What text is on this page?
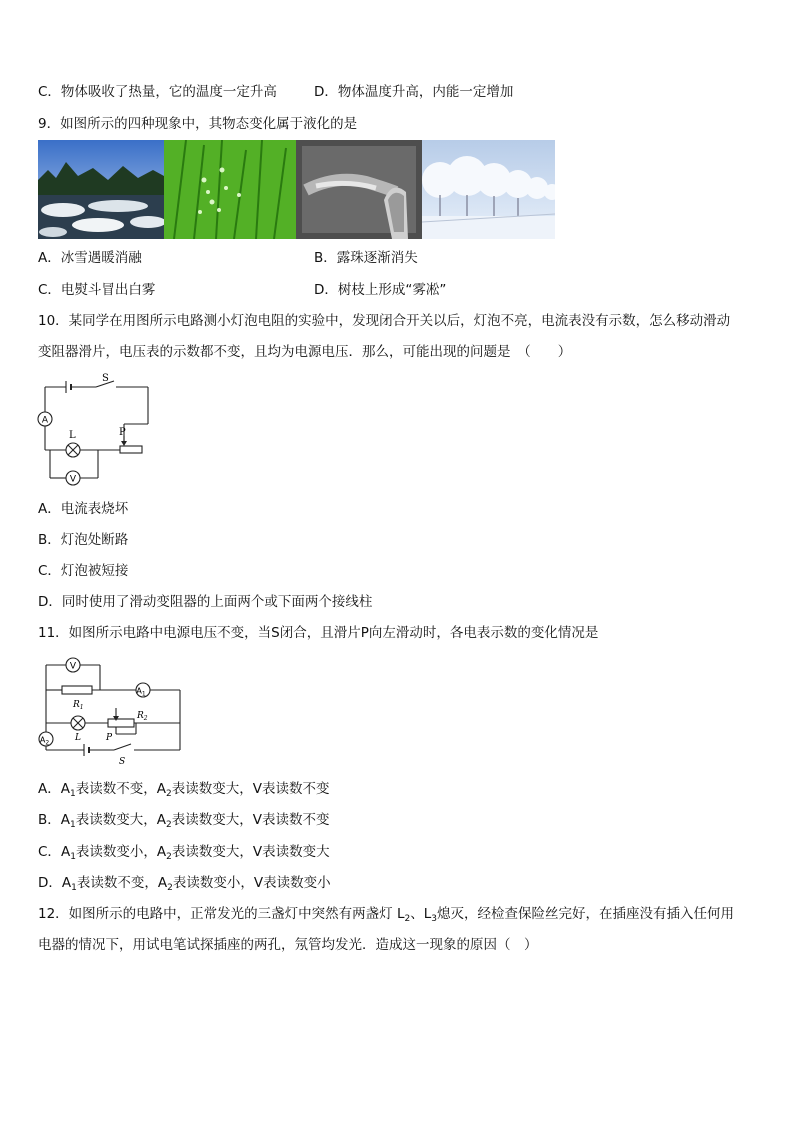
C．物体吸收了热量，它的温度一定升高	D．物体温度升高，内能一定增加
9．如图所示的四种现象中，其物态变化属于液化的是
A．冰雪遇暖消融	B．露珠逐渐消失
C．电熨斗冒出白雾	D．树枝上形成“雾凇”
10．某同学在用图所示电路测小灯泡电阻的实验中，发现闭合开关以后，灯泡不亮，电流表没有示数，怎么移动滑动
变阻器滑片，电压表的示数都不变，且均为电源电压．那么，可能出现的问题是　（　　）
A
V
S
L	P
A．电流表烧坏
B．灯泡处断路
C．灯泡被短接
D．同时使用了滑动变阻器的上面两个或下面两个接线柱
11．如图所示电路中电源电压不变，当S闭合，且滑片P向左滑动时，各电表示数的变化情况是
V
$A_1$
$A_2$
$R_1$
L	P
$R_2$
S
A．$A_1$表读数不变，$A_2$表读数变大，V表读数不变
B．$A_1$表读数变大，$A_2$表读数变大，V表读数不变
C．$A_1$表读数变小，$A_2$表读数变大，V表读数变大
D．$A_1$表读数不变，$A_2$表读数变小，V表读数变小
12．如图所示的电路中，正常发光的三盏灯中突然有两盏灯 $L_2$、$L_3$熄灭，经检查保险丝完好，在插座没有插入任何用
电器的情况下，用试电笔试探插座的两孔，氖管均发光．造成这一现象的原因（　）
